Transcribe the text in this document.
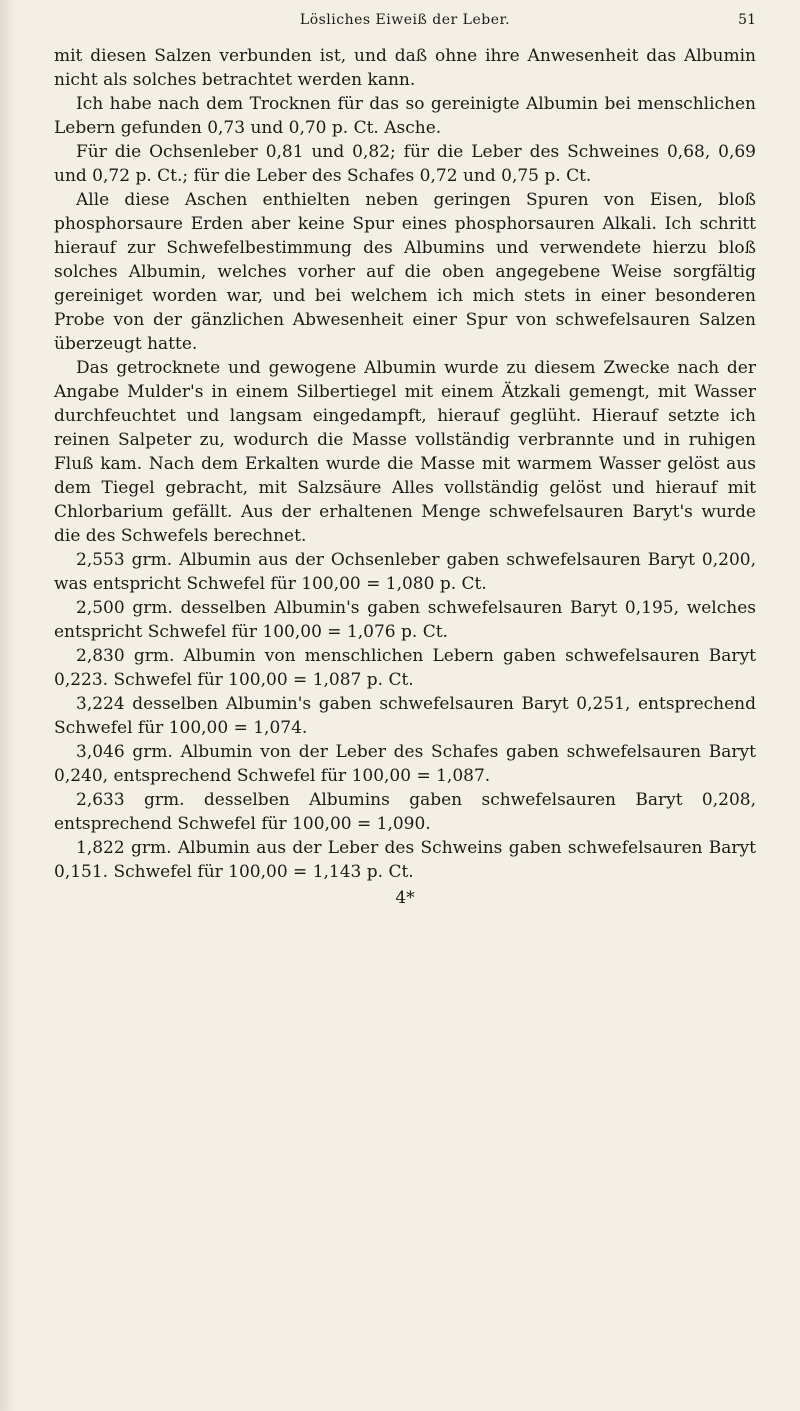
Lösliches Eiweiß der Leber.	51

mit diesen Salzen verbunden ist, und daß ohne ihre Anwesenheit das Albumin nicht als solches betrachtet werden kann.

Ich habe nach dem Trocknen für das so gereinigte Albumin bei menschlichen Lebern gefunden 0,73 und 0,70 p. Ct. Asche.

Für die Ochsenleber 0,81 und 0,82; für die Leber des Schweines 0,68, 0,69 und 0,72 p. Ct.; für die Leber des Schafes 0,72 und 0,75 p. Ct.

Alle diese Aschen enthielten neben geringen Spuren von Eisen, bloß phosphorsaure Erden aber keine Spur eines phosphorsauren Alkali. Ich schritt hierauf zur Schwefelbestimmung des Albumins und verwendete hierzu bloß solches Albumin, welches vorher auf die oben angegebene Weise sorgfältig gereiniget worden war, und bei welchem ich mich stets in einer besonderen Probe von der gänzlichen Abwesenheit einer Spur von schwefelsauren Salzen überzeugt hatte.

Das getrocknete und gewogene Albumin wurde zu diesem Zwecke nach der Angabe Mulder's in einem Silbertiegel mit einem Ätzkali gemengt, mit Wasser durchfeuchtet und langsam eingedampft, hierauf geglüht. Hierauf setzte ich reinen Salpeter zu, wodurch die Masse vollständig verbrannte und in ruhigen Fluß kam. Nach dem Erkalten wurde die Masse mit warmem Wasser gelöst aus dem Tiegel gebracht, mit Salzsäure Alles vollständig gelöst und hierauf mit Chlorbarium gefällt. Aus der erhaltenen Menge schwefelsauren Baryt's wurde die des Schwefels berechnet.

2,553 grm. Albumin aus der Ochsenleber gaben schwefelsauren Baryt 0,200, was entspricht Schwefel für 100,00 = 1,080 p. Ct.

2,500 grm. desselben Albumin's gaben schwefelsauren Baryt 0,195, welches entspricht Schwefel für 100,00 = 1,076 p. Ct.

2,830 grm. Albumin von menschlichen Lebern gaben schwefelsauren Baryt 0,223. Schwefel für 100,00 = 1,087 p. Ct.

3,224 desselben Albumin's gaben schwefelsauren Baryt 0,251, entsprechend Schwefel für 100,00 = 1,074.

3,046 grm. Albumin von der Leber des Schafes gaben schwefelsauren Baryt 0,240, entsprechend Schwefel für 100,00 = 1,087.

2,633 grm. desselben Albumins gaben schwefelsauren Baryt 0,208, entsprechend Schwefel für 100,00 = 1,090.

1,822 grm. Albumin aus der Leber des Schweins gaben schwefelsauren Baryt 0,151. Schwefel für 100,00 = 1,143 p. Ct.

4*
